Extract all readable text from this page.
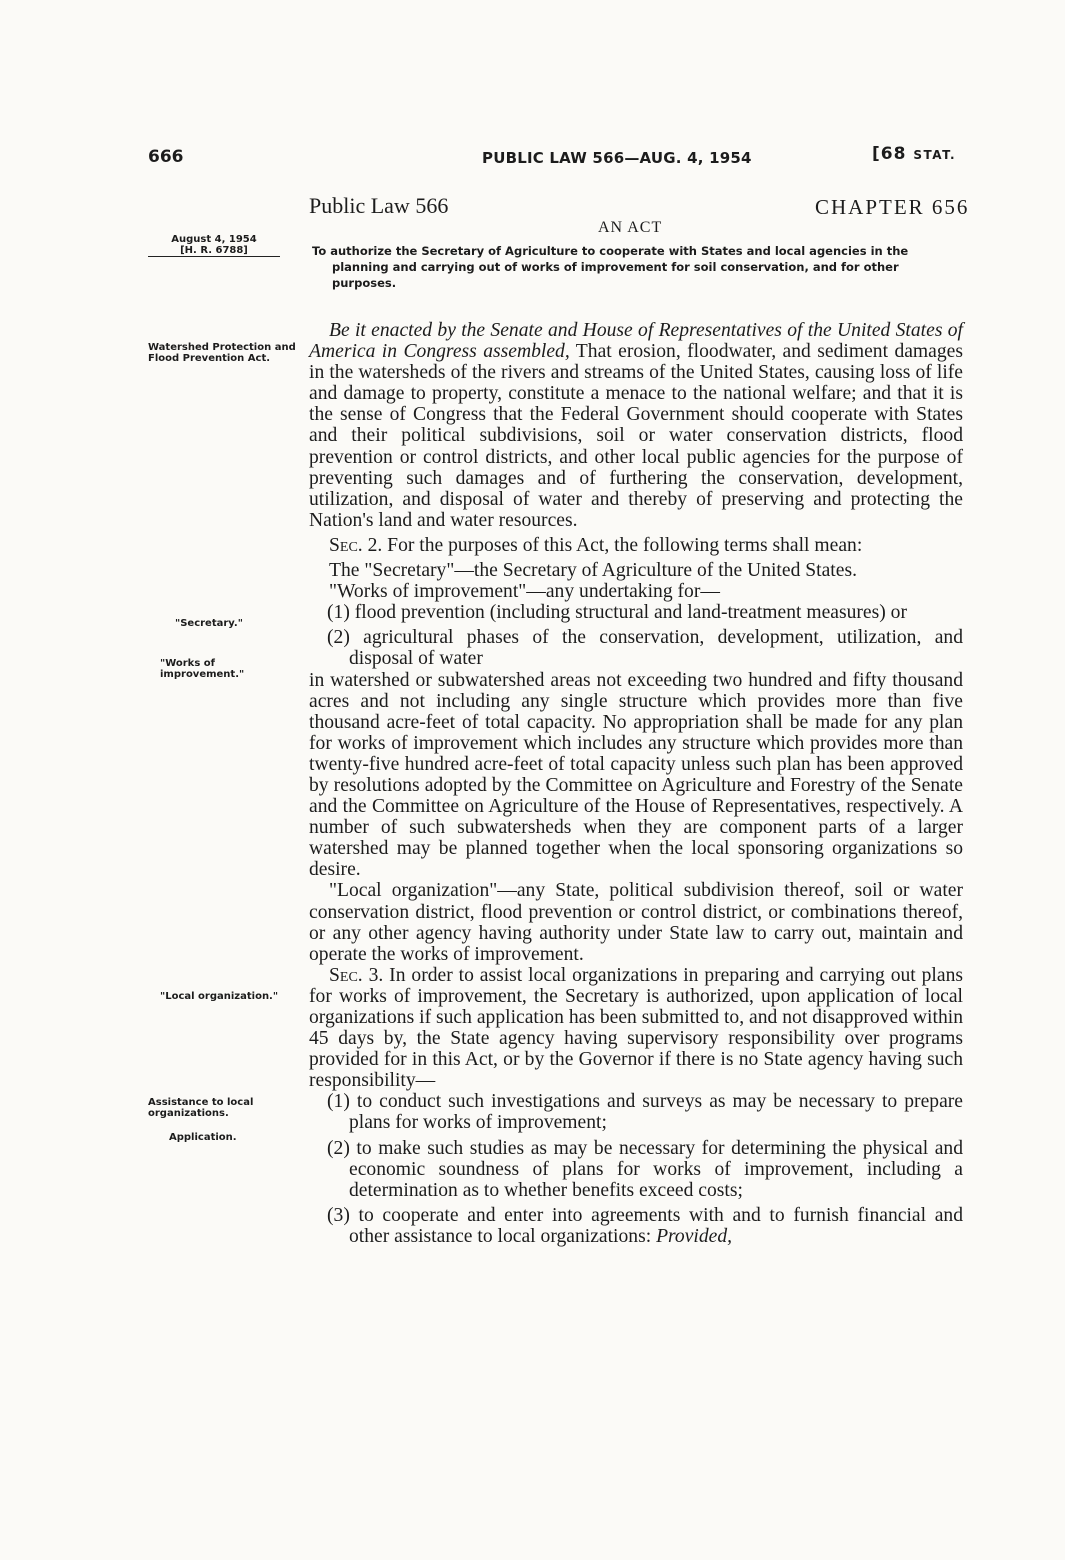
666	PUBLIC LAW 566—AUG. 4, 1954	[68 STAT.
Public Law 566	CHAPTER 656
AN ACT
August 4, 1954

[H. R. 6788]
Watershed Protection and Flood Prevention Act.
"Secretary."
"Works of improvement."
"Local organization."
Assistance to local organizations.
Application.

To authorize the Secretary of Agriculture to cooperate with States and local agencies in the planning and carrying out of works of improvement for soil conservation, and for other purposes.

Be it enacted by the Senate and House of Representatives of the United States of America in Congress assembled, That erosion, floodwater, and sediment damages in the watersheds of the rivers and streams of the United States, causing loss of life and damage to property, constitute a menace to the national welfare; and that it is the sense of Congress that the Federal Government should cooperate with States and their political subdivisions, soil or water conservation districts, flood prevention or control districts, and other local public agencies for the purpose of preventing such damages and of furthering the conservation, development, utilization, and disposal of water and thereby of preserving and protecting the Nation's land and water resources.

Sec. 2. For the purposes of this Act, the following terms shall mean:

The "Secretary"—the Secretary of Agriculture of the United States.

"Works of improvement"—any undertaking for—

(1) flood prevention (including structural and land-treatment measures) or

(2) agricultural phases of the conservation, development, utilization, and disposal of water

in watershed or subwatershed areas not exceeding two hundred and fifty thousand acres and not including any single structure which provides more than five thousand acre-feet of total capacity. No appropriation shall be made for any plan for works of improvement which includes any structure which provides more than twenty-five hundred acre-feet of total capacity unless such plan has been approved by resolutions adopted by the Committee on Agriculture and Forestry of the Senate and the Committee on Agriculture of the House of Representatives, respectively. A number of such subwatersheds when they are component parts of a larger watershed may be planned together when the local sponsoring organizations so desire.

"Local organization"—any State, political subdivision thereof, soil or water conservation district, flood prevention or control district, or combinations thereof, or any other agency having authority under State law to carry out, maintain and operate the works of improvement.

Sec. 3. In order to assist local organizations in preparing and carrying out plans for works of improvement, the Secretary is authorized, upon application of local organizations if such application has been submitted to, and not disapproved within 45 days by, the State agency having supervisory responsibility over programs provided for in this Act, or by the Governor if there is no State agency having such responsibility—

(1) to conduct such investigations and surveys as may be necessary to prepare plans for works of improvement;

(2) to make such studies as may be necessary for determining the physical and economic soundness of plans for works of improvement, including a determination as to whether benefits exceed costs;

(3) to cooperate and enter into agreements with and to furnish financial and other assistance to local organizations: Provided,
